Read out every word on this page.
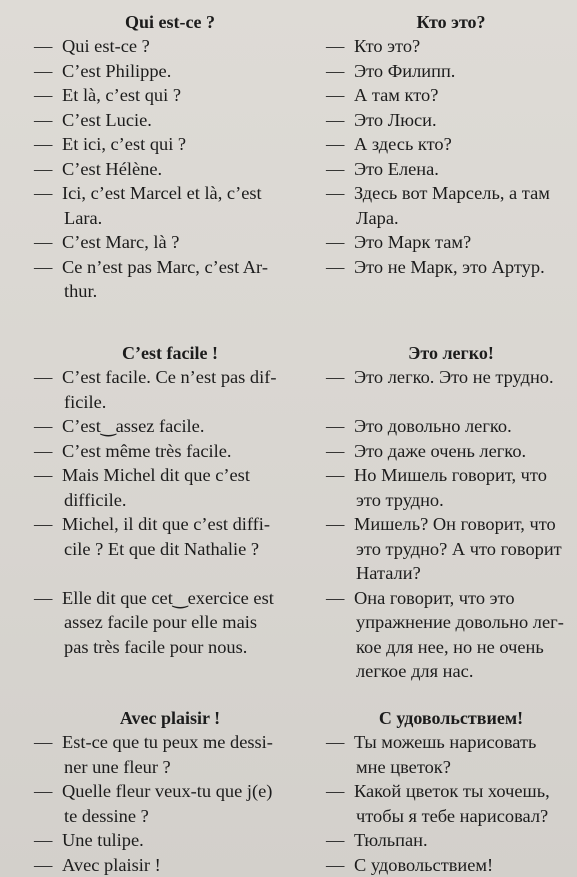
Qui est-ce ?
— Qui est-ce ?
— C’est Philippe.
— Et là, c’est qui ?
— C’est Lucie.
— Et ici, c’est qui ?
— C’est Hélène.
— Ici, c’est Marcel et là, c’est
Lara.
— C’est Marc, là ?
— Ce n’est pas Marc, c’est Ar-
thur.
Кто это?
— Кто это?
— Это Филипп.
— А там кто?
— Это Люси.
— А здесь кто?
— Это Елена.
— Здесь вот Марсель, а там
Лара.
— Это Марк там?
— Это не Марк, это Артур.
C’est facile !
— C’est facile. Ce n’est pas dif-
ficile.
— C’est‿assez facile.
— C’est même très facile.
— Mais Michel dit que c’est
difficile.
— Michel, il dit que c’est diffi-
cile ? Et que dit Nathalie ?
— Elle dit que cet‿exercice est
assez facile pour elle mais
pas très facile pour nous.
Это легко!
— Это легко. Это не трудно.
— Это довольно легко.
— Это даже очень легко.
— Но Мишель говорит, что
это трудно.
— Мишель? Он говорит, что
это трудно? А что говорит
Натали?
— Она говорит, что это
упражнение довольно лег-
кое для нее, но не очень
легкое для нас.
Avec plaisir !
— Est-ce que tu peux me dessi-
ner une fleur ?
— Quelle fleur veux-tu que j(e)
te dessine ?
— Une tulipe.
— Avec plaisir !
С удовольствием!
— Ты можешь нарисовать
мне цветок?
— Какой цветок ты хочешь,
чтобы я тебе нарисовал?
— Тюльпан.
— С удовольствием!
